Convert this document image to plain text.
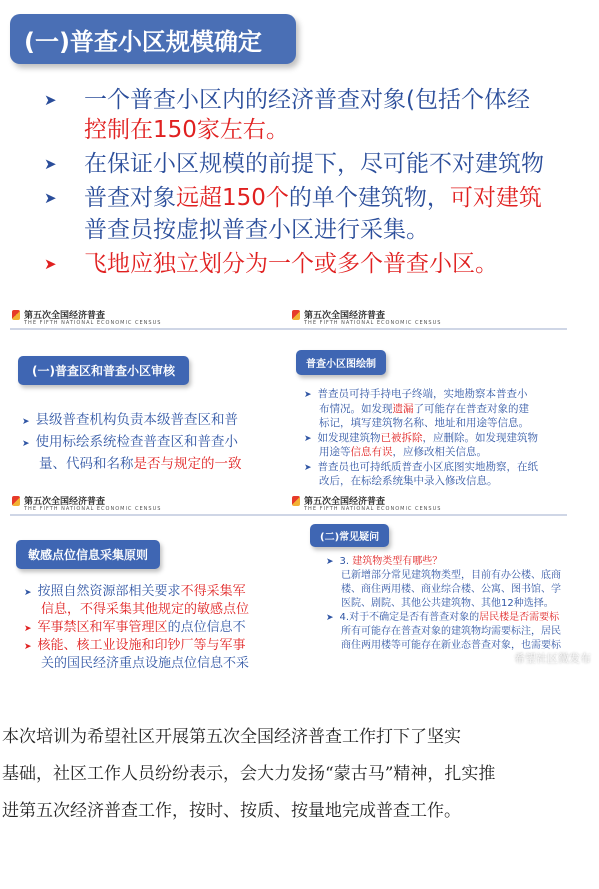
(一)普查小区规模确定
➤ 一个普查小区内的经济普查对象(包括个体经
控制在150家左右。
➤ 在保证小区规模的前提下，尽可能不对建筑物
➤ 普查对象远超150个的单个建筑物，可对建筑
普查员按虚拟普查小区进行采集。
➤ 飞地应独立划分为一个或多个普查小区。
第五次全国经济普查
THE FIFTH NATIONAL ECONOMIC CENSUS
(一)普查区和普查小区审核
➤ 县级普查机构负责本级普查区和普
➤ 使用标绘系统检查普查区和普查小
量、代码和名称是否与规定的一致
第五次全国经济普查
THE FIFTH NATIONAL ECONOMIC CENSUS
普查小区图绘制
➤ 普查员可持手持电子终端，实地勘察本普查小
布情况。如发现遗漏了可能存在普查对象的建
标记，填写建筑物名称、地址和用途等信息。
➤ 如发现建筑物已被拆除，应删除。如发现建筑物
用途等信息有误，应修改相关信息。
➤ 普查员也可持纸质普查小区底图实地勘察，在纸
改后，在标绘系统集中录入修改信息。
第五次全国经济普查
THE FIFTH NATIONAL ECONOMIC CENSUS
敏感点位信息采集原则
➤ 按照自然资源部相关要求不得采集军
信息，不得采集其他规定的敏感点位
➤ 军事禁区和军事管理区的点位信息不
➤ 核能、核工业设施和印钞厂等与军事
关的国民经济重点设施点位信息不采
第五次全国经济普查
THE FIFTH NATIONAL ECONOMIC CENSUS
(二)常见疑问
➤ 3. 建筑物类型有哪些？
已新增部分常见建筑物类型，目前有办公楼、底商
楼、商住两用楼、商业综合楼、公寓、图书馆、学
医院、剧院、其他公共建筑物、其他12种选择。
➤ 4.对于不确定是否有普查对象的居民楼是否需要标
所有可能存在普查对象的建筑物均需要标注，居民
商住两用楼等可能存在新业态普查对象，也需要标
希望社区微发布
本次培训为希望社区开展第五次全国经济普查工作打下了坚实
基础，社区工作人员纷纷表示，会大力发扬“蒙古马”精神，扎实推
进第五次经济普查工作，按时、按质、按量地完成普查工作。
